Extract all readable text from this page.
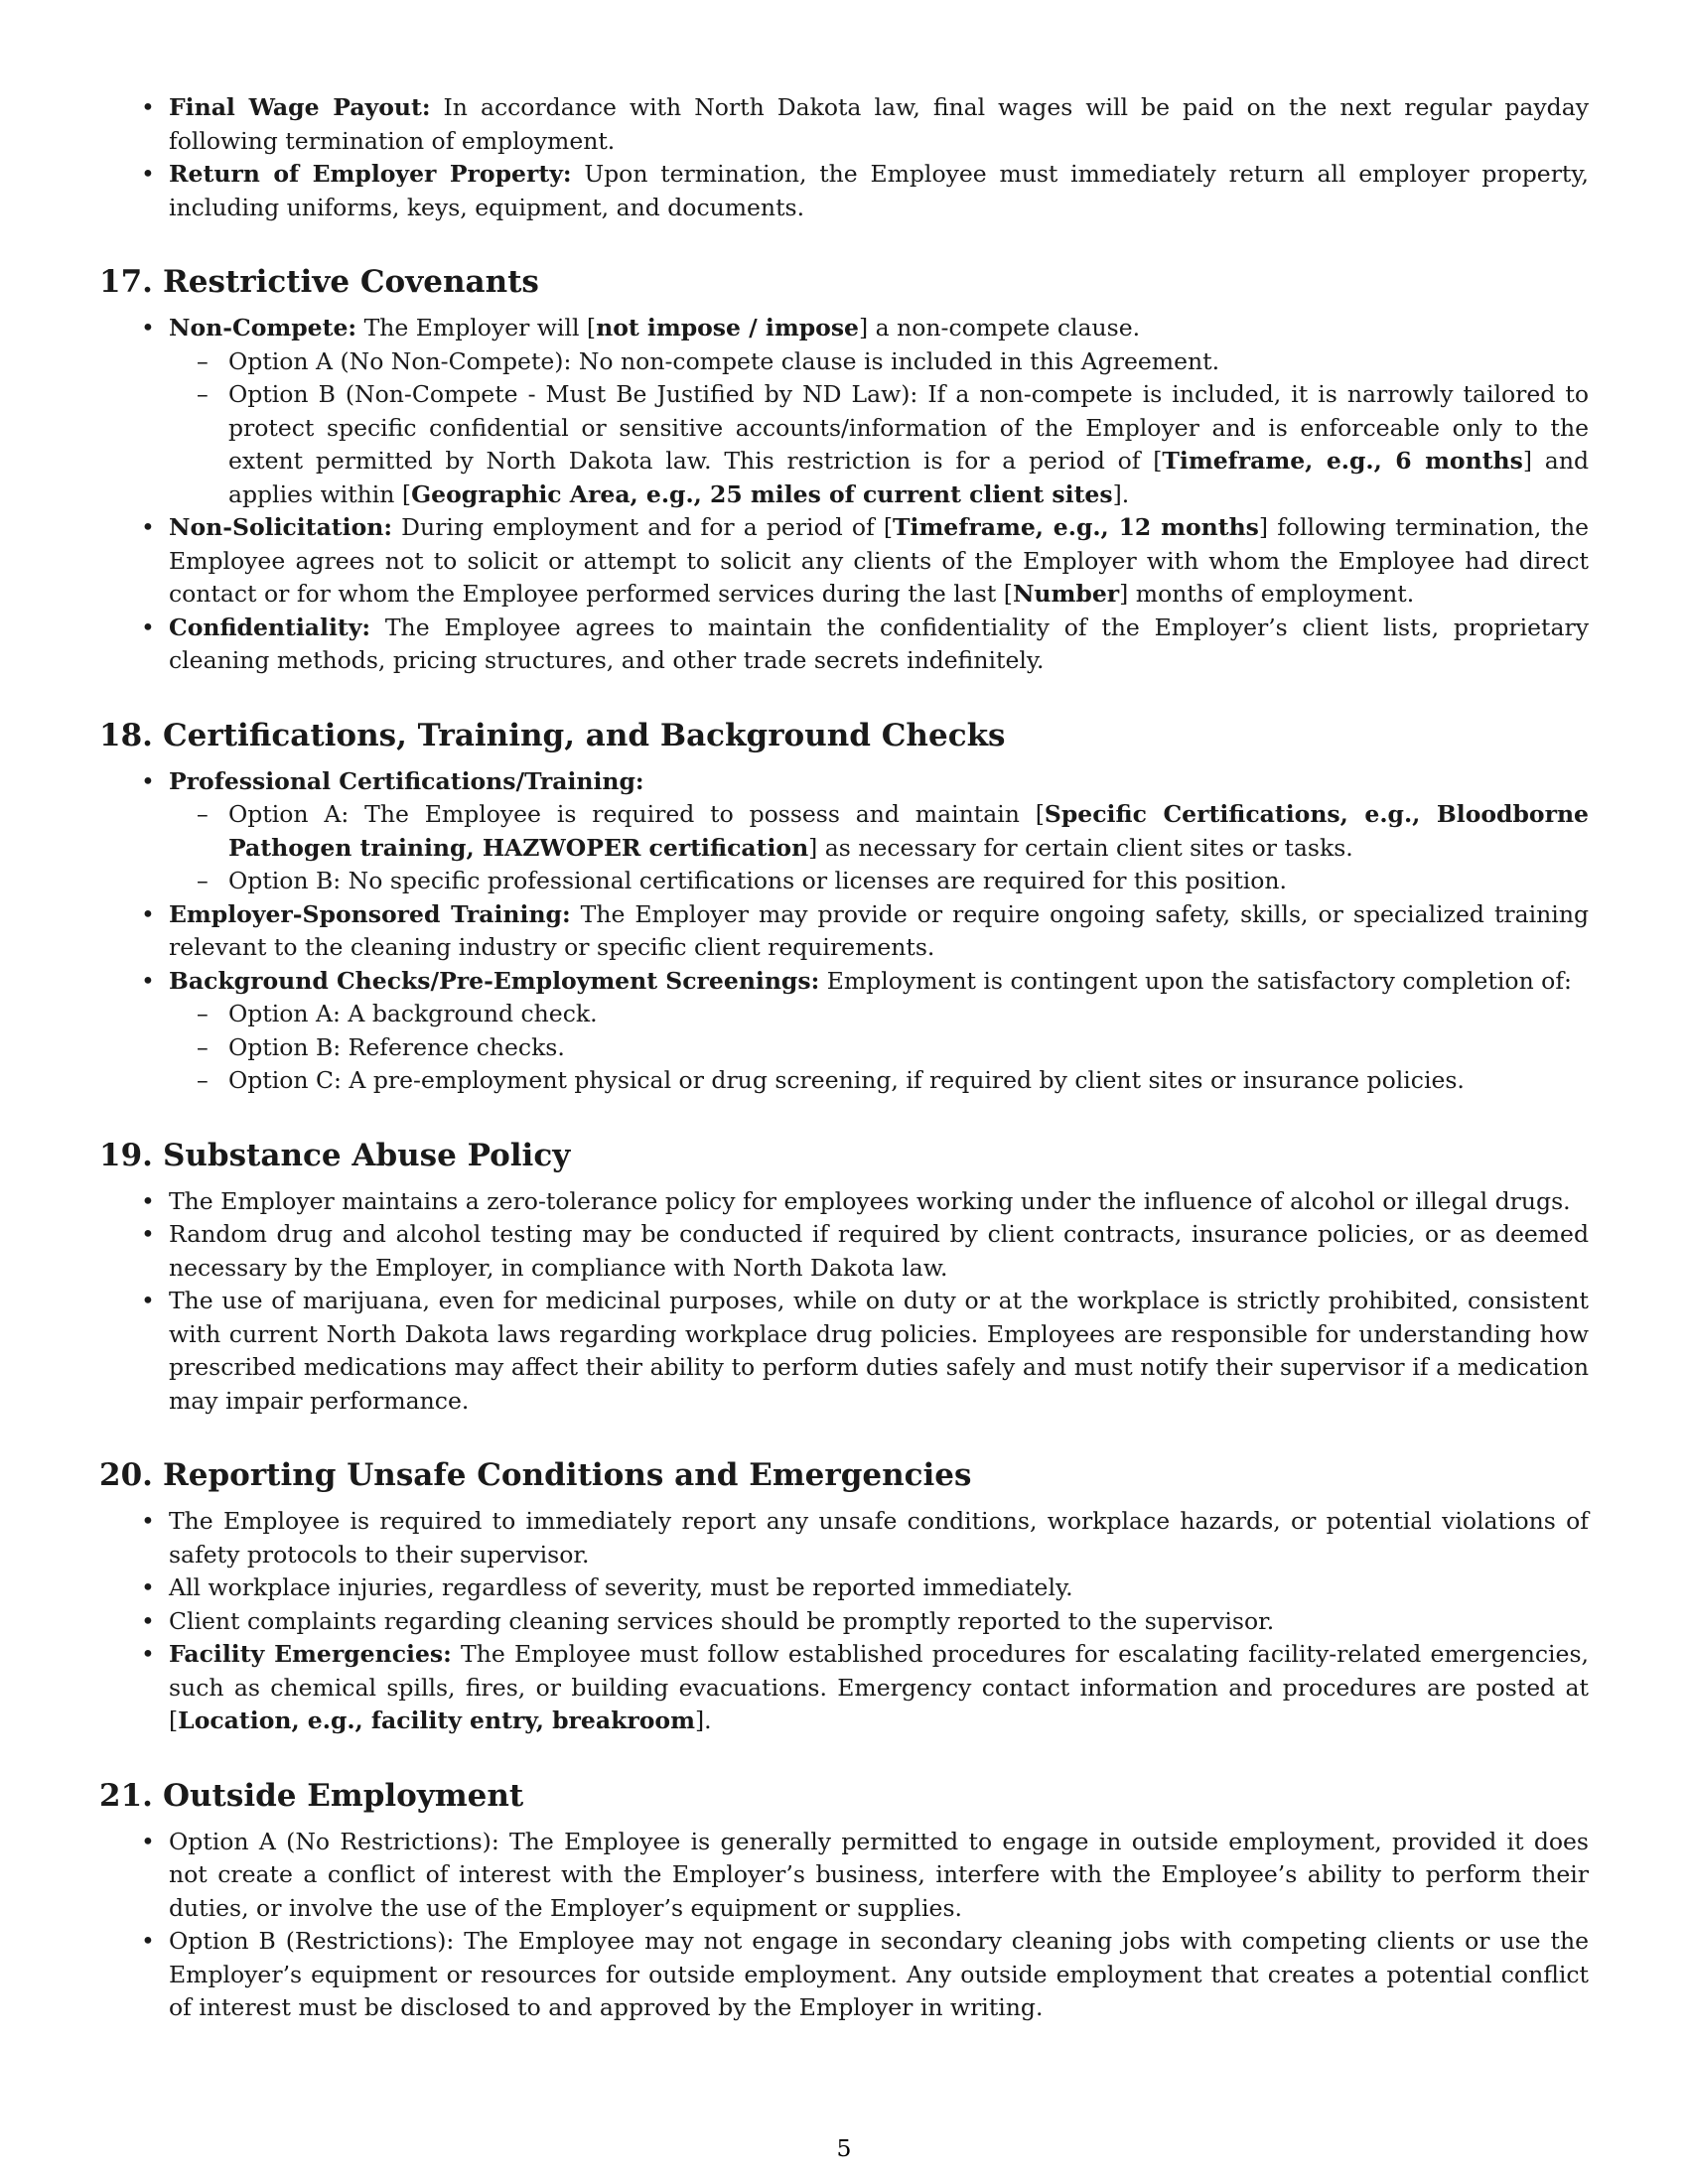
• Final Wage Payout: In accordance with North Dakota law, final wages will be paid on the next regular payday following termination of employment.
• Return of Employer Property: Upon termination, the Employee must immediately return all employer property, including uniforms, keys, equipment, and documents.
17. Restrictive Covenants
• Non-Compete: The Employer will [not impose / impose] a non-compete clause.
– Option A (No Non-Compete): No non-compete clause is included in this Agreement.
– Option B (Non-Compete - Must Be Justified by ND Law): If a non-compete is included, it is narrowly tailored to protect specific confidential or sensitive accounts/information of the Employer and is enforceable only to the extent permitted by North Dakota law. This restriction is for a period of [Timeframe, e.g., 6 months] and applies within [Geographic Area, e.g., 25 miles of current client sites].
• Non-Solicitation: During employment and for a period of [Timeframe, e.g., 12 months] following termination, the Employee agrees not to solicit or attempt to solicit any clients of the Employer with whom the Employee had direct contact or for whom the Employee performed services during the last [Number] months of employment.
• Confidentiality: The Employee agrees to maintain the confidentiality of the Employer’s client lists, proprietary cleaning methods, pricing structures, and other trade secrets indefinitely.
18. Certifications, Training, and Background Checks
• Professional Certifications/Training:
– Option A: The Employee is required to possess and maintain [Specific Certifications, e.g., Bloodborne Pathogen training, HAZWOPER certification] as necessary for certain client sites or tasks.
– Option B: No specific professional certifications or licenses are required for this position.
• Employer-Sponsored Training: The Employer may provide or require ongoing safety, skills, or specialized training relevant to the cleaning industry or specific client requirements.
• Background Checks/Pre-Employment Screenings: Employment is contingent upon the satisfactory completion of:
– Option A: A background check.
– Option B: Reference checks.
– Option C: A pre-employment physical or drug screening, if required by client sites or insurance policies.
19. Substance Abuse Policy
• The Employer maintains a zero-tolerance policy for employees working under the influence of alcohol or illegal drugs.
• Random drug and alcohol testing may be conducted if required by client contracts, insurance policies, or as deemed necessary by the Employer, in compliance with North Dakota law.
• The use of marijuana, even for medicinal purposes, while on duty or at the workplace is strictly prohibited, consistent with current North Dakota laws regarding workplace drug policies. Employees are responsible for understanding how prescribed medications may affect their ability to perform duties safely and must notify their supervisor if a medication may impair performance.
20. Reporting Unsafe Conditions and Emergencies
• The Employee is required to immediately report any unsafe conditions, workplace hazards, or potential violations of safety protocols to their supervisor.
• All workplace injuries, regardless of severity, must be reported immediately.
• Client complaints regarding cleaning services should be promptly reported to the supervisor.
• Facility Emergencies: The Employee must follow established procedures for escalating facility-related emergencies, such as chemical spills, fires, or building evacuations. Emergency contact information and procedures are posted at [Location, e.g., facility entry, breakroom].
21. Outside Employment
• Option A (No Restrictions): The Employee is generally permitted to engage in outside employment, provided it does not create a conflict of interest with the Employer’s business, interfere with the Employee’s ability to perform their duties, or involve the use of the Employer’s equipment or supplies.
• Option B (Restrictions): The Employee may not engage in secondary cleaning jobs with competing clients or use the Employer’s equipment or resources for outside employment. Any outside employment that creates a potential conflict of interest must be disclosed to and approved by the Employer in writing.
5
